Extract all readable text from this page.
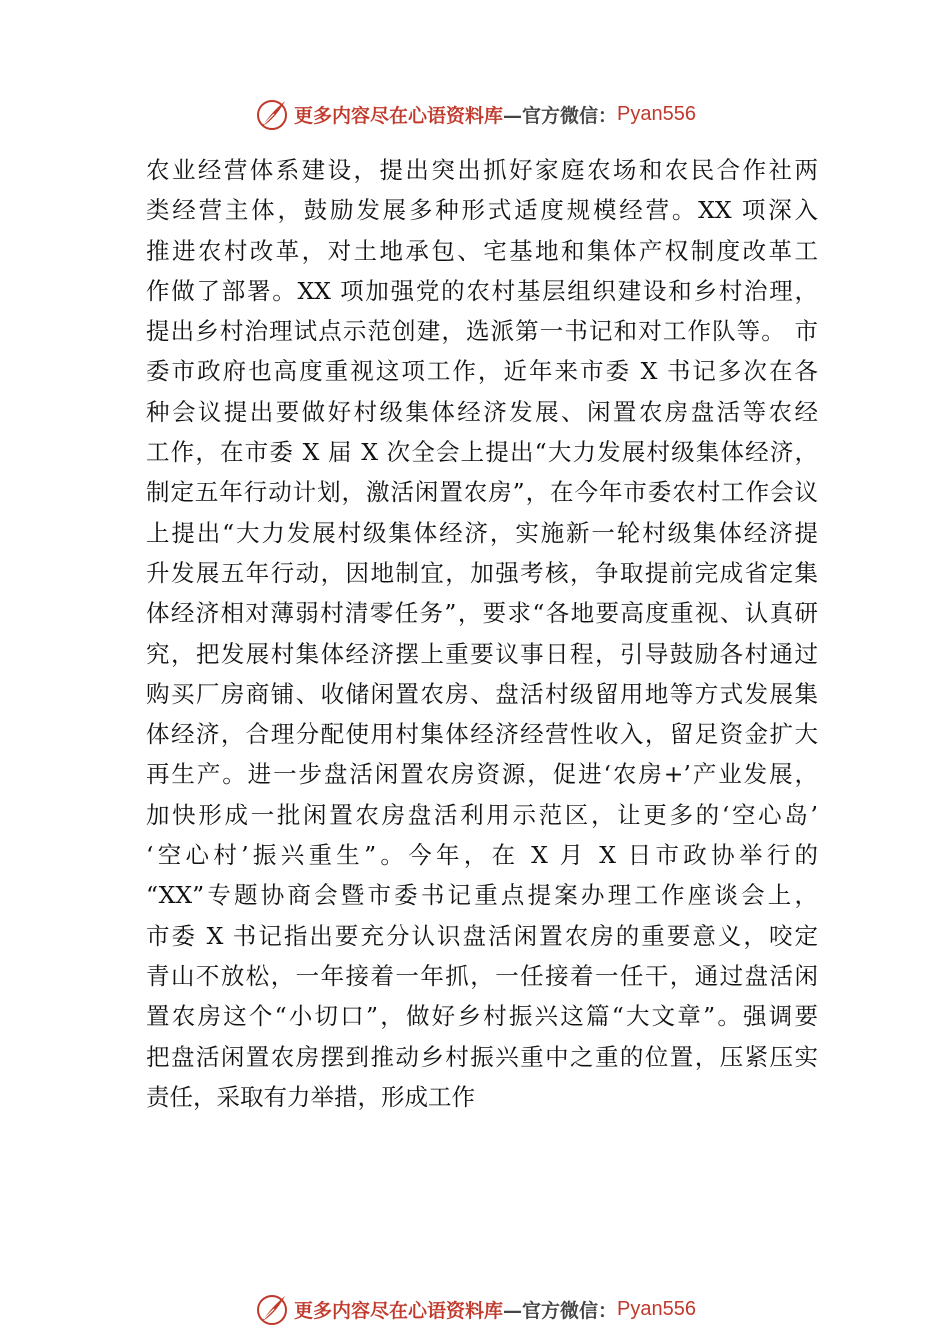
更多内容尽在心语资料库 —官方微信： Pyan556
农业经营体系建设，提出突出抓好家庭农场和农民合作社两
类经营主体，鼓励发展多种形式适度规模经营。XX 项深入
推进农村改革，对土地承包、宅基地和集体产权制度改革工
作做了部署。XX 项加强党的农村基层组织建设和乡村治理，
提出乡村治理试点示范创建，选派第一书记和对工作队等。 市
委市政府也高度重视这项工作，近年来市委 X 书记多次在各
种会议提出要做好村级集体经济发展、闲置农房盘活等农经
工作，在市委 X 届 X 次全会上提出“大力发展村级集体经济，
制定五年行动计划，激活闲置农房”，在今年市委农村工作会议
上提出“大力发展村级集体经济，实施新一轮村级集体经济提
升发展五年行动，因地制宜，加强考核，争取提前完成省定集
体经济相对薄弱村清零任务”，要求“各地要高度重视、认真研
究，把发展村集体经济摆上重要议事日程，引导鼓励各村通过
购买厂房商铺、收储闲置农房、盘活村级留用地等方式发展集
体经济，合理分配使用村集体经济经营性收入，留足资金扩大
再生产。进一步盘活闲置农房资源，促进‘农房+’产业发展，
加快形成一批闲置农房盘活利用示范区，让更多的‘空心岛’
‘空心村’振兴重生”。今年，在 X 月 X 日市政协举行的
“XX”专题协商会暨市委书记重点提案办理工作座谈会上，
市委 X 书记指出要充分认识盘活闲置农房的重要意义，咬定
青山不放松，一年接着一年抓，一任接着一任干，通过盘活闲
置农房这个“小切口”，做好乡村振兴这篇“大文章”。强调要
把盘活闲置农房摆到推动乡村振兴重中之重的位置，压紧压实
责任，采取有力举措，形成工作
更多内容尽在心语资料库 —官方微信： Pyan556
